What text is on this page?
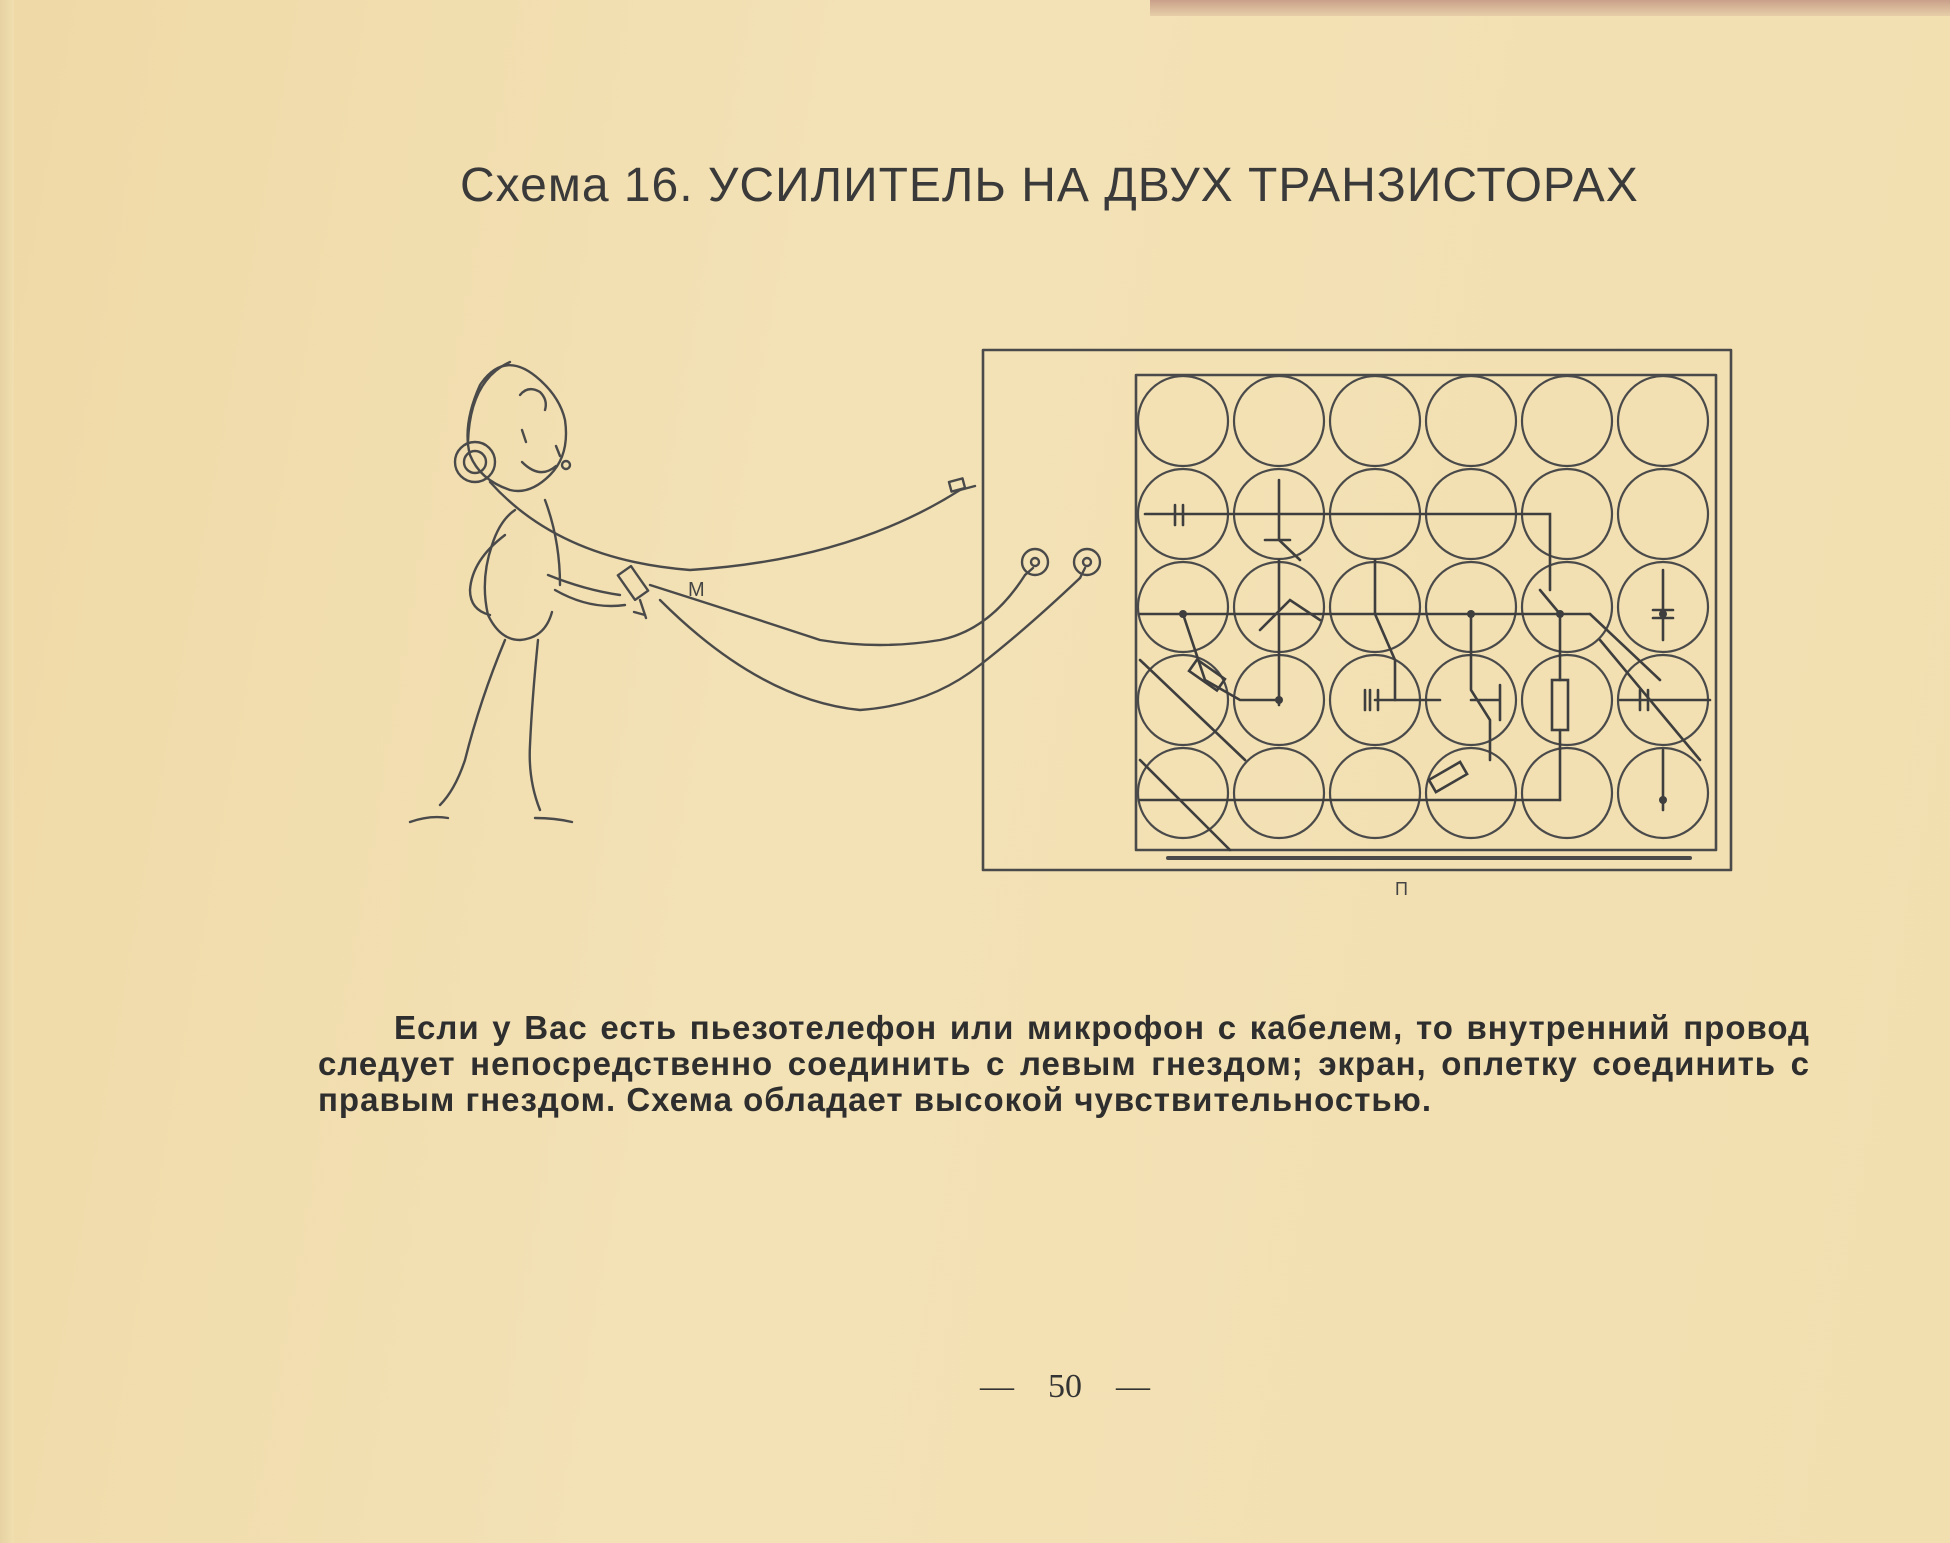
Схема 16. УСИЛИТЕЛЬ НА ДВУХ ТРАНЗИСТОРАХ
М
П
Если у Вас есть пьезотелефон или микрофон с кабелем, то внутренний провод следует непосредственно соединить с левым гнездом; экран, оплетку соединить с правым гнездом. Схема обладает высокой чувствительностью.
— 50 —
